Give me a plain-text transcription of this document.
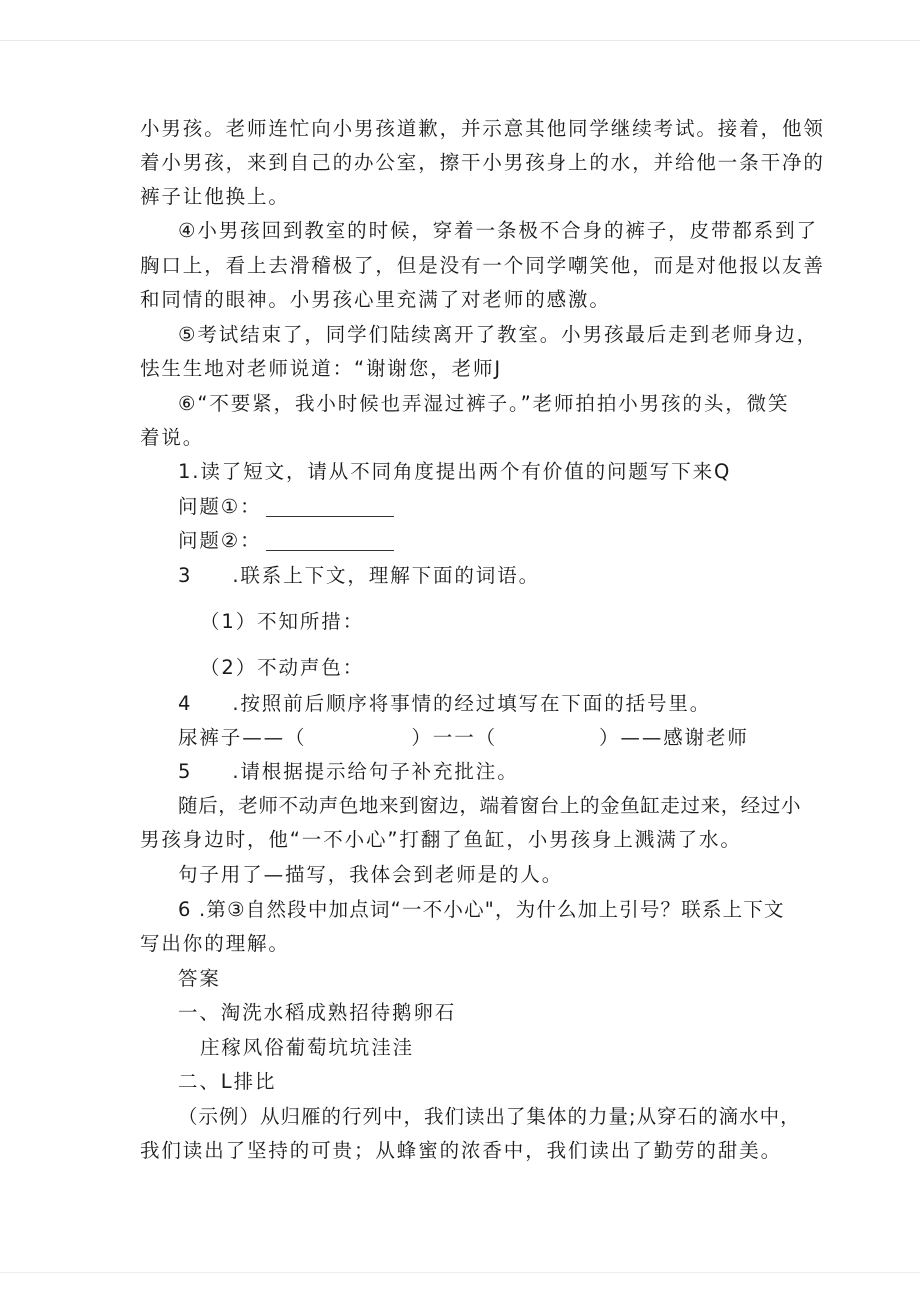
小男孩。老师连忙向小男孩道歉，并示意其他同学继续考试。接着，他领
着小男孩，来到自己的办公室，擦干小男孩身上的水，并给他一条干净的
裤子让他换上。
④小男孩回到教室的时候，穿着一条极不合身的裤子，皮带都系到了
胸口上，看上去滑稽极了，但是没有一个同学嘲笑他，而是对他报以友善
和同情的眼神。小男孩心里充满了对老师的感激。
⑤考试结束了，同学们陆续离开了教室。小男孩最后走到老师身边，
怯生生地对老师说道：“谢谢您，老师J
⑥“不要紧，我小时候也弄湿过裤子。”老师拍拍小男孩的头，微笑
着说。
1.读了短文，请从不同角度提出两个有价值的问题写下来Q
问题①：
问题②：
3 .联系上下文，理解下面的词语。
（1）不知所措：
（2）不动声色：
4 .按照前后顺序将事情的经过填写在下面的括号里。
尿裤子——（	）一一（	）——感谢老师
5 .请根据提示给句子补充批注。
随后，老师不动声色地来到窗边，端着窗台上的金鱼缸走过来，经过小
男孩身边时，他“一不小心”打翻了鱼缸，小男孩身上溅满了水。
句子用了—描写，我体会到老师是的人。
6 .第③自然段中加点词“一不小心"，为什么加上引号？联系上下文
写出你的理解。
答案
一、淘洗水稻成熟招待鹅卵石
庄稼风俗葡萄坑坑洼洼
二、L排比
（示例）从归雁的行列中，我们读出了集体的力量;从穿石的滴水中，
我们读出了坚持的可贵；从蜂蜜的浓香中，我们读出了勤劳的甜美。
